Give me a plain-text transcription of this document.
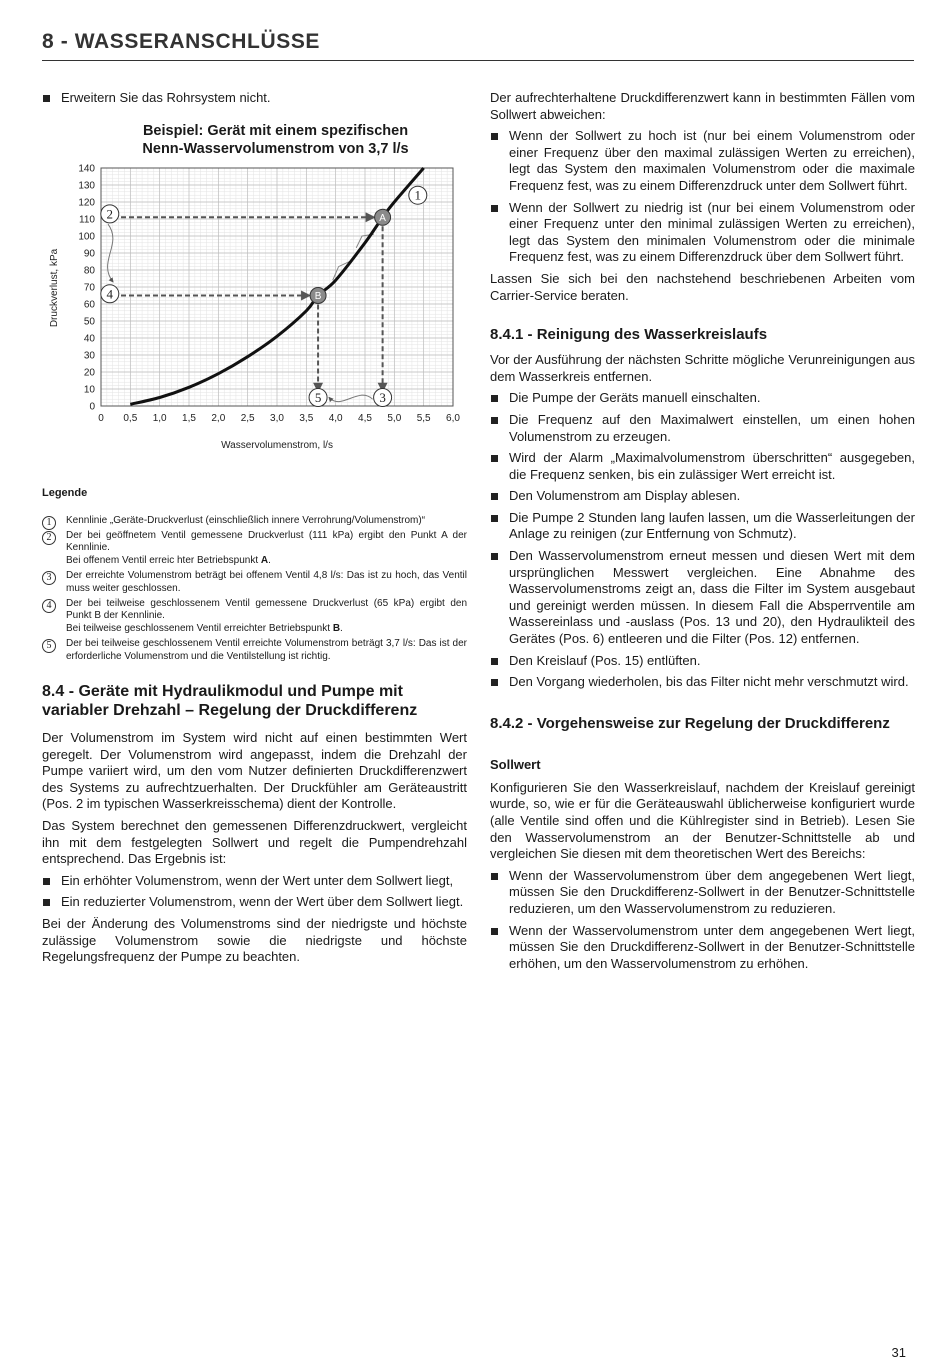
8 - WASSERANSCHLÜSSE
Erweitern Sie das Rohrsystem nicht.
Beispiel: Gerät mit einem spezifischen
Nenn-Wasservolumenstrom von 3,7 l/s
0
10
20
30
40
50
60
70
80
90
100
110
120
130
140
0 0,5 1,0 1,5 2,0 2,5 3,0 3,5 4,0 4,5 5,0 5,5 6,0
Druckverlust, kPa
Wasservolumenstrom, l/s
A
B
1
2
3
4
5
Legende
1	Kennlinie „Geräte-Druckverlust (einschließlich innere Verrohrung/Volumenstrom)“
2	Der bei geöffnetem Ventil gemessene Druckverlust (111 kPa) ergibt den Punkt A der Kennlinie.
Bei offenem Ventil erreic hter Betriebspunkt A.
3	Der erreichte Volumenstrom beträgt bei offenem Ventil 4,8 l/s: Das ist zu hoch, das Ventil muss weiter geschlossen.
4	Der bei teilweise geschlossenem Ventil gemessene Druckverlust (65 kPa) ergibt den Punkt B der Kennlinie.
Bei teilweise geschlossenem Ventil erreichter Betriebspunkt B.
5	Der bei teilweise geschlossenem Ventil erreichte Volumenstrom beträgt 3,7 l/s: Das ist der erforderliche Volumenstrom und die Ventilstellung ist richtig.
8.4 - Geräte mit Hydraulikmodul und Pumpe mit variabler Drehzahl – Regelung der Druckdifferenz

Der Volumenstrom im System wird nicht auf einen bestimmten Wert geregelt. Der Volumenstrom wird angepasst, indem die Drehzahl der Pumpe variiert wird, um den vom Nutzer definierten Druckdifferenzwert des Systems zu aufrechtzuerhalten. Der Druckfühler am Geräteaustritt (Pos. 2 im typischen Wasserkreisschema) dient der Kontrolle.

Das System berechnet den gemessenen Differenzdruckwert, vergleicht ihn mit dem festgelegten Sollwert und regelt die Pumpendrehzahl entsprechend. Das Ergebnis ist:

Ein erhöhter Volumenstrom, wenn der Wert unter dem Sollwert liegt,
Ein reduzierter Volumenstrom, wenn der Wert über dem Sollwert liegt.

Bei der Änderung des Volumenstroms sind der niedrigste und höchste zulässige Volumenstrom sowie die niedrigste und höchste Regelungsfrequenz der Pumpe zu beachten.

Der aufrechterhaltene Druckdifferenzwert kann in bestimmten Fällen vom Sollwert abweichen:

Wenn der Sollwert zu hoch ist (nur bei einem Volumenstrom oder einer Frequenz über den maximal zulässigen Werten zu erreichen), legt das System den maximalen Volumenstrom oder die maximale Frequenz fest, was zu einem Differenzdruck unter dem Sollwert führt.
Wenn der Sollwert zu niedrig ist (nur bei einem Volumenstrom oder einer Frequenz unter den minimal zulässigen Werten zu erreichen), legt das System den minimalen Volumenstrom oder die minimale Frequenz fest, was zu einem Differenzdruck über dem Sollwert führt.

Lassen Sie sich bei den nachstehend beschriebenen Arbeiten vom Carrier-Service beraten.

8.4.1 - Reinigung des Wasserkreislaufs

Vor der Ausführung der nächsten Schritte mögliche Verunreinigungen aus dem Wasserkreis entfernen.

Die Pumpe der Geräts manuell einschalten.
Die Frequenz auf den Maximalwert einstellen, um einen hohen Volumenstrom zu erzeugen.
Wird der Alarm „Maximalvolumenstrom überschritten“ ausgegeben, die Frequenz senken, bis ein zulässiger Wert erreicht ist.
Den Volumenstrom am Display ablesen.
Die Pumpe 2 Stunden lang laufen lassen, um die Wasserleitungen der Anlage zu reinigen (zur Entfernung von Schmutz).
Den Wasservolumenstrom erneut messen und diesen Wert mit dem ursprünglichen Messwert vergleichen. Eine Abnahme des Wasservolumenstroms zeigt an, dass die Filter im System ausgebaut und gereinigt werden müssen. In diesem Fall die Absperrventile am Wassereinlass und -auslass (Pos. 13 und 20), den Hydraulikteil des Gerätes (Pos. 6) entleeren und die Filter (Pos. 12) entfernen.
Den Kreislauf (Pos. 15) entlüften.
Den Vorgang wiederholen, bis das Filter nicht mehr verschmutzt wird.
8.4.2 - Vorgehensweise zur Regelung der Druckdifferenz
Sollwert

Konfigurieren Sie den Wasserkreislauf, nachdem der Kreislauf gereinigt wurde, so, wie er für die Geräteauswahl üblicherweise konfiguriert wurde (alle Ventile sind offen und die Kühlregister sind in Betrieb). Lesen Sie den Wasservolumenstrom an der Benutzer-Schnittstelle ab und vergleichen Sie diesen mit dem theoretischen Wert des Bereichs:

Wenn der Wasservolumenstrom über dem angegebenen Wert liegt, müssen Sie den Druckdifferenz-Sollwert in der Benutzer-Schnittstelle reduzieren, um den Wasservolumenstrom zu reduzieren.
Wenn der Wasservolumenstrom unter dem angegebenen Wert liegt, müssen Sie den Druckdifferenz-Sollwert in der Benutzer-Schnittstelle erhöhen, um den Wasservolumenstrom zu erhöhen.
31
